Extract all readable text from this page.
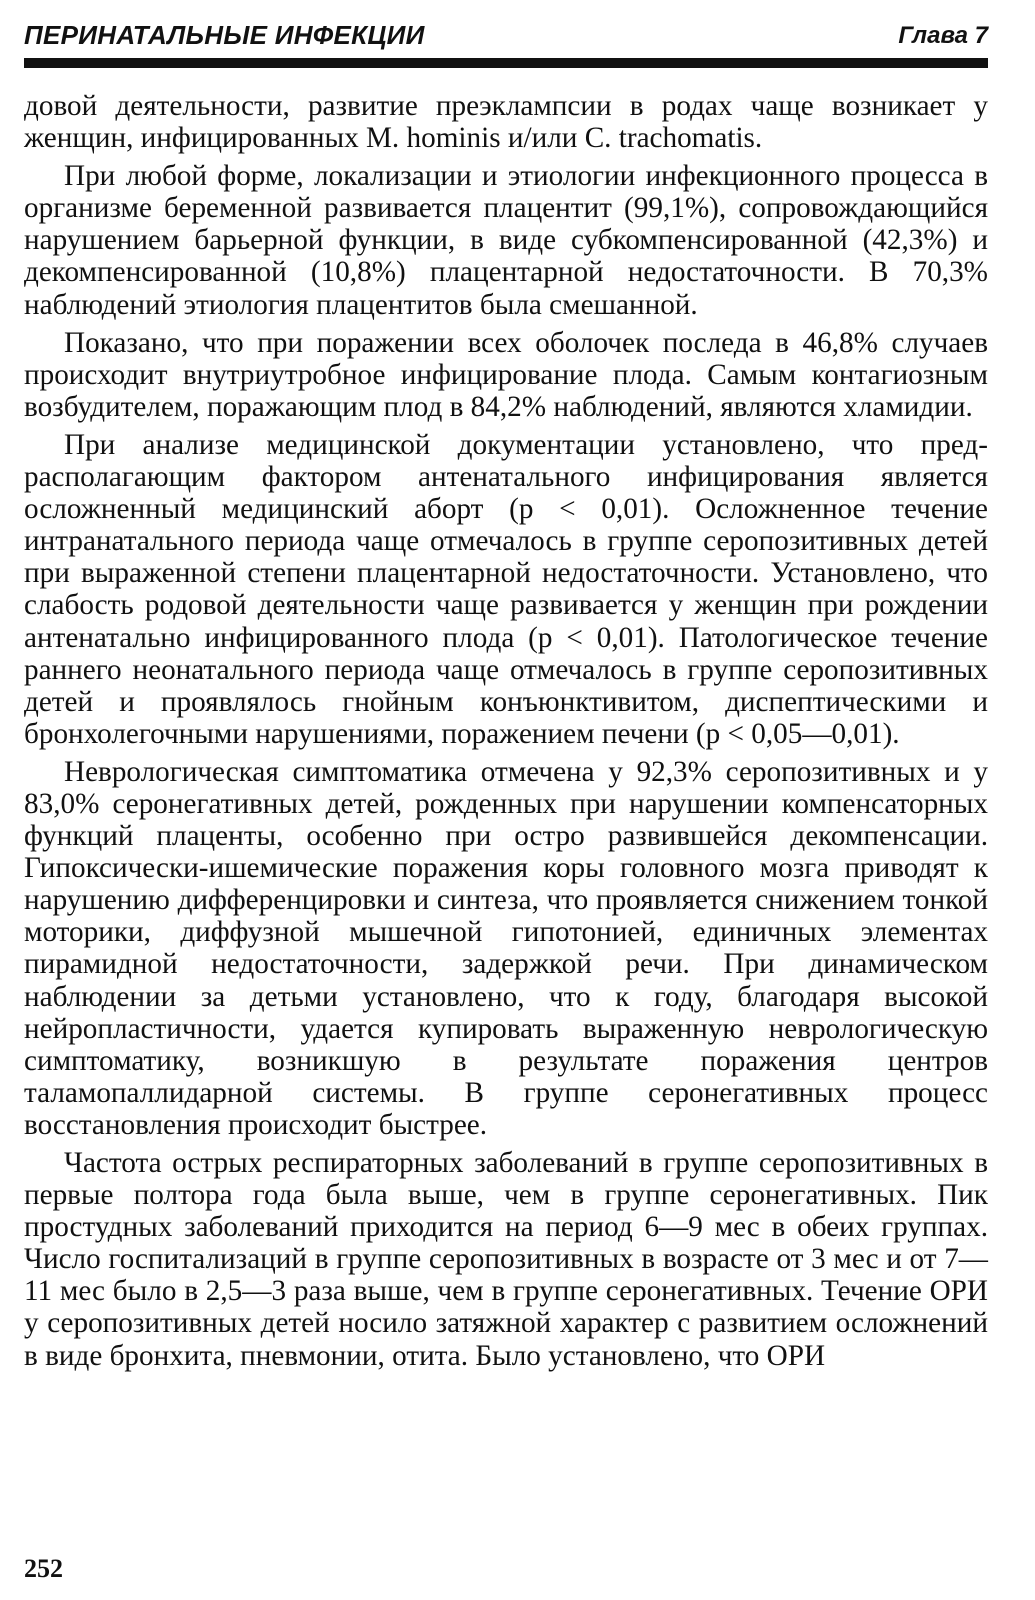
ПЕРИНАТАЛЬНЫЕ ИНФЕКЦИИ	Глава 7

довой деятельности, развитие преэклампсии в родах чаще возникает у женщин, инфицированных M. hominis и/или C. trachomatis.

При любой форме, локализации и этиологии инфекционного процесса в организме беременной развивается плацентит (99,1%), сопровождающийся нарушением барьерной функции, в виде субкомпенсированной (42,3%) и декомпенсированной (10,8%) плацентарной недостаточности. В 70,3% наблюдений этиология плацентитов была смешанной.

Показано, что при поражении всех оболочек последа в 46,8% случаев происходит внутриутробное инфицирование плода. Самым контагиозным возбудителем, поражающим плод в 84,2% наблюдений, являются хламидии.

При анализе медицинской документации установлено, что предрасполагающим фактором антенатального инфицирования является осложненный медицинский аборт (р < 0,01). Осложненное течение интранатального периода чаще отмечалось в группе серопозитивных детей при выраженной степени плацентарной недостаточности. Установлено, что слабость родовой деятельности чаще развивается у женщин при рождении антенатально инфицированного плода (р < 0,01). Патологическое течение раннего неонатального периода чаще отмечалось в группе серопозитивных детей и проявлялось гнойным конъюнктивитом, диспептическими и бронхолегочными нарушениями, поражением печени (р < 0,05—0,01).

Неврологическая симптоматика отмечена у 92,3% серопозитивных и у 83,0% серонегативных детей, рожденных при нарушении компенсаторных функций плаценты, особенно при остро развившейся декомпенсации. Гипоксически-ишемические поражения коры головного мозга приводят к нарушению дифференцировки и синтеза, что проявляется снижением тонкой моторики, диффузной мышечной гипотонией, единичных элементах пирамидной недостаточности, задержкой речи. При динамическом наблюдении за детьми установлено, что к году, благодаря высокой нейропластичности, удается купировать выраженную неврологическую симптоматику, возникшую в результате поражения центров таламопаллидарной системы. В группе серонегативных процесс восстановления происходит быстрее.

Частота острых респираторных заболеваний в группе серопозитивных в первые полтора года была выше, чем в группе серонегативных. Пик простудных заболеваний приходится на период 6—9 мес в обеих группах. Число госпитализаций в группе серопозитивных в возрасте от 3 мес и от 7—11 мес было в 2,5—3 раза выше, чем в группе серонегативных. Течение ОРИ у серопозитивных детей носило затяжной характер с развитием осложнений в виде бронхита, пневмонии, отита. Было установлено, что ОРИ

252
